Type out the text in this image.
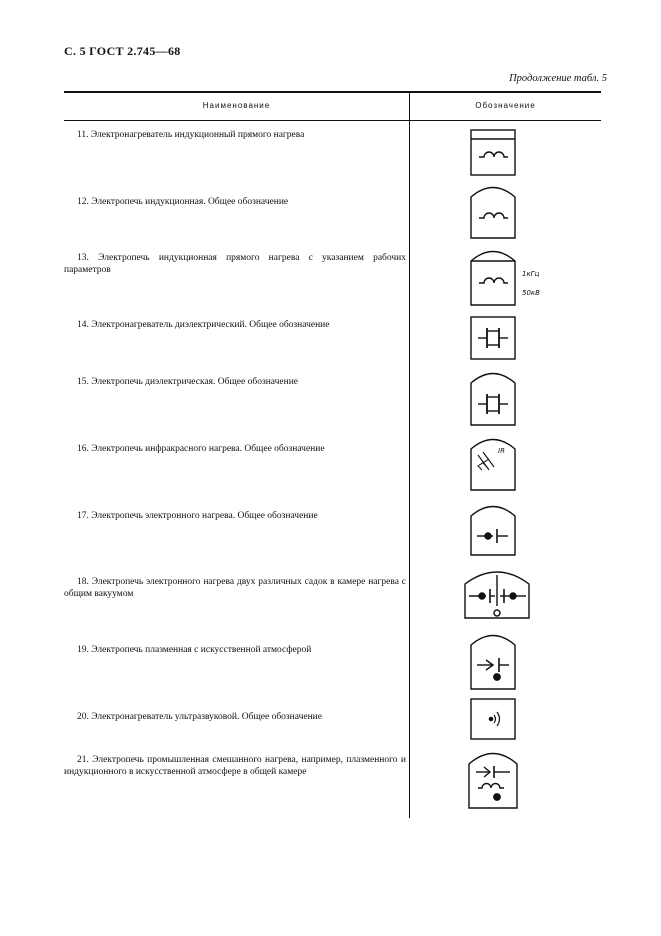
С. 5 ГОСТ 2.745—68
Продолжение табл. 5
Наименование	Обозначение
11. Электронагреватель индукционный прямого нагрева
12. Электропечь индукционная. Общее обозначение
13. Электропечь индукционная прямого нагрева с указанием рабочих параметров
14. Электронагреватель диэлектрический. Общее обозначение
15. Электропечь диэлектрическая. Общее обозначение
16. Электропечь инфракрасного нагрева. Общее обозначение
17. Электропечь электронного нагрева. Общее обозначение
18. Электропечь электронного нагрева двух различных садок в камере нагрева с общим вакуумом
19. Электропечь плазменная с искусственной атмосферой
20. Электронагреватель ультразвуковой. Общее обозначение
21. Электропечь промышленная смешанного нагрева, например, плазменного и индукционного в искусственной атмосфере в общей камере
1кГц
50кВ
IR
